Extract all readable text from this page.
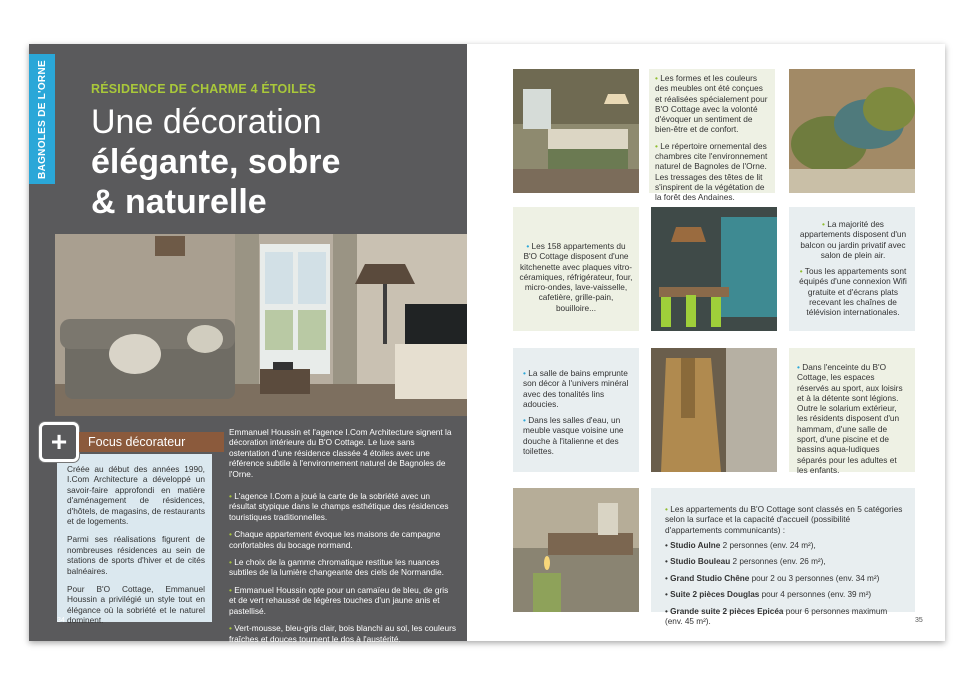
BAGNOLES DE L'ORNE	RÉSIDENCE DE CHARME 4 ÉTOILES
Une décoration
élégante, sobre
& naturelle
+	Focus décorateur

Créée au début des années 1990, I.Com Architecture a développé un savoir-faire approfondi en matière d'aménagement de résidences, d'hôtels, de magasins, de restaurants et de logements.

Parmi ses réalisations figurent de nombreuses résidences au sein de stations de sports d'hiver et de cités balnéaires.

Pour B'O Cottage, Emmanuel Houssin a privilégié un style tout en élégance où la sobriété et le naturel dominent.

Emmanuel Houssin et l'agence I.Com Architecture signent la décoration intérieure du B'O Cottage. Le luxe sans ostentation d'une résidence classée 4 étoiles avec une référence subtile à l'environnement naturel de Bagnoles de l'Orne.

• L'agence I.Com a joué la carte de la sobriété avec un résultat stypique dans le champs esthétique des résidences touristiques traditionnelles.

• Chaque appartement évoque les maisons de campagne confortables du bocage normand.

• Le choix de la gamme chromatique restitue les nuances subtiles de la lumière changeante des ciels de Normandie.

• Emmanuel Houssin opte pour un camaïeu de bleu, de gris et de vert rehaussé de légères touches d'un jaune anis et pastellisé.

• Vert-mousse, bleu-gris clair, bois blanchi au sol, les couleurs fraîches et douces tournent le dos à l'austérité.

34

• Les formes et les couleurs des meubles ont été conçues et réalisées spécialement pour B'O Cottage avec la volonté d'évoquer un sentiment de bien-être et de confort.

• Le répertoire ornemental des chambres cite l'environnement naturel de Bagnoles de l'Orne. Les tressages des têtes de lit s'inspirent de la végétation de la forêt des Andaines.

• Les 158 appartements du B'O Cottage disposent d'une kitchenette avec plaques vitro-céramiques, réfrigérateur, four, micro-ondes, lave-vaisselle, cafetière, grille-pain, bouilloire...

• La majorité des appartements disposent d'un balcon ou jardin privatif avec salon de plein air.

• Tous les appartements sont équipés d'une connexion Wifi gratuite et d'écrans plats recevant les chaînes de télévision internationales.

• La salle de bains emprunte son décor à l'univers minéral avec des tonalités lins adoucies.

• Dans les salles d'eau, un meuble vasque voisine une douche à l'italienne et des toilettes.

• Dans l'enceinte du B'O Cottage, les espaces réservés au sport, aux loisirs et à la détente sont légions. Outre le solarium extérieur, les résidents disposent d'un hammam, d'une salle de sport, d'une piscine et de bassins aqua-ludiques séparés pour les adultes et les enfants.

• Les appartements du B'O Cottage sont classés en 5 catégories selon la surface et la capacité d'accueil (possibilité d'appartements communicants) :

• Studio Aulne 2 personnes (env. 24 m²),

• Studio Bouleau 2 personnes (env. 26 m²),

• Grand Studio Chêne pour 2 ou 3 personnes (env. 34 m²)

• Suite 2 pièces Douglas pour 4 personnes (env. 39 m²)

• Grande suite 2 pièces Epicéa pour 6 personnes maximum (env. 45 m²).	35
